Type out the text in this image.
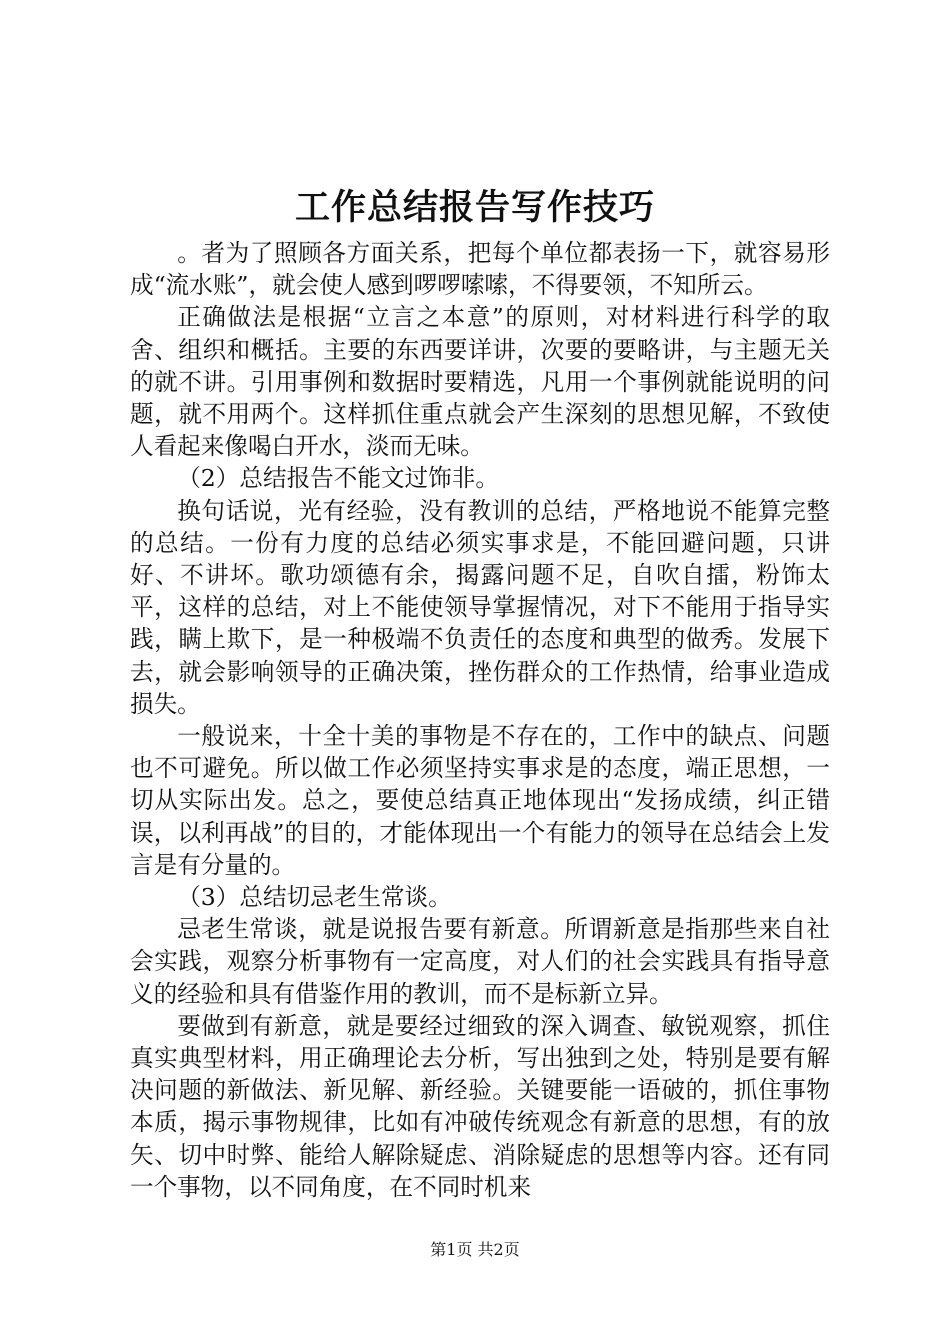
工作总结报告写作技巧

。者为了照顾各方面关系，把每个单位都表扬一下，就容易形成“流水账”，就会使人感到啰啰嗦嗦，不得要领，不知所云。

正确做法是根据“立言之本意”的原则，对材料进行科学的取舍、组织和概括。主要的东西要详讲，次要的要略讲，与主题无关的就不讲。引用事例和数据时要精选，凡用一个事例就能说明的问题，就不用两个。这样抓住重点就会产生深刻的思想见解，不致使人看起来像喝白开水，淡而无味。

（2）总结报告不能文过饰非。

换句话说，光有经验，没有教训的总结，严格地说不能算完整的总结。一份有力度的总结必须实事求是，不能回避问题，只讲好、不讲坏。歌功颂德有余，揭露问题不足，自吹自擂，粉饰太平，这样的总结，对上不能使领导掌握情况，对下不能用于指导实践，瞒上欺下，是一种极端不负责任的态度和典型的做秀。发展下去，就会影响领导的正确决策，挫伤群众的工作热情，给事业造成损失。

一般说来，十全十美的事物是不存在的，工作中的缺点、问题也不可避免。所以做工作必须坚持实事求是的态度，端正思想，一切从实际出发。总之，要使总结真正地体现出“发扬成绩，纠正错误，以利再战”的目的，才能体现出一个有能力的领导在总结会上发言是有分量的。

（3）总结切忌老生常谈。

忌老生常谈，就是说报告要有新意。所谓新意是指那些来自社会实践，观察分析事物有一定高度，对人们的社会实践具有指导意义的经验和具有借鉴作用的教训，而不是标新立异。

要做到有新意，就是要经过细致的深入调查、敏锐观察，抓住真实典型材料，用正确理论去分析，写出独到之处，特别是要有解决问题的新做法、新见解、新经验。关键要能一语破的，抓住事物本质，揭示事物规律，比如有冲破传统观念有新意的思想，有的放矢、切中时弊、能给人解除疑虑、消除疑虑的思想等内容。还有同一个事物，以不同角度，在不同时机来

第1页 共2页
